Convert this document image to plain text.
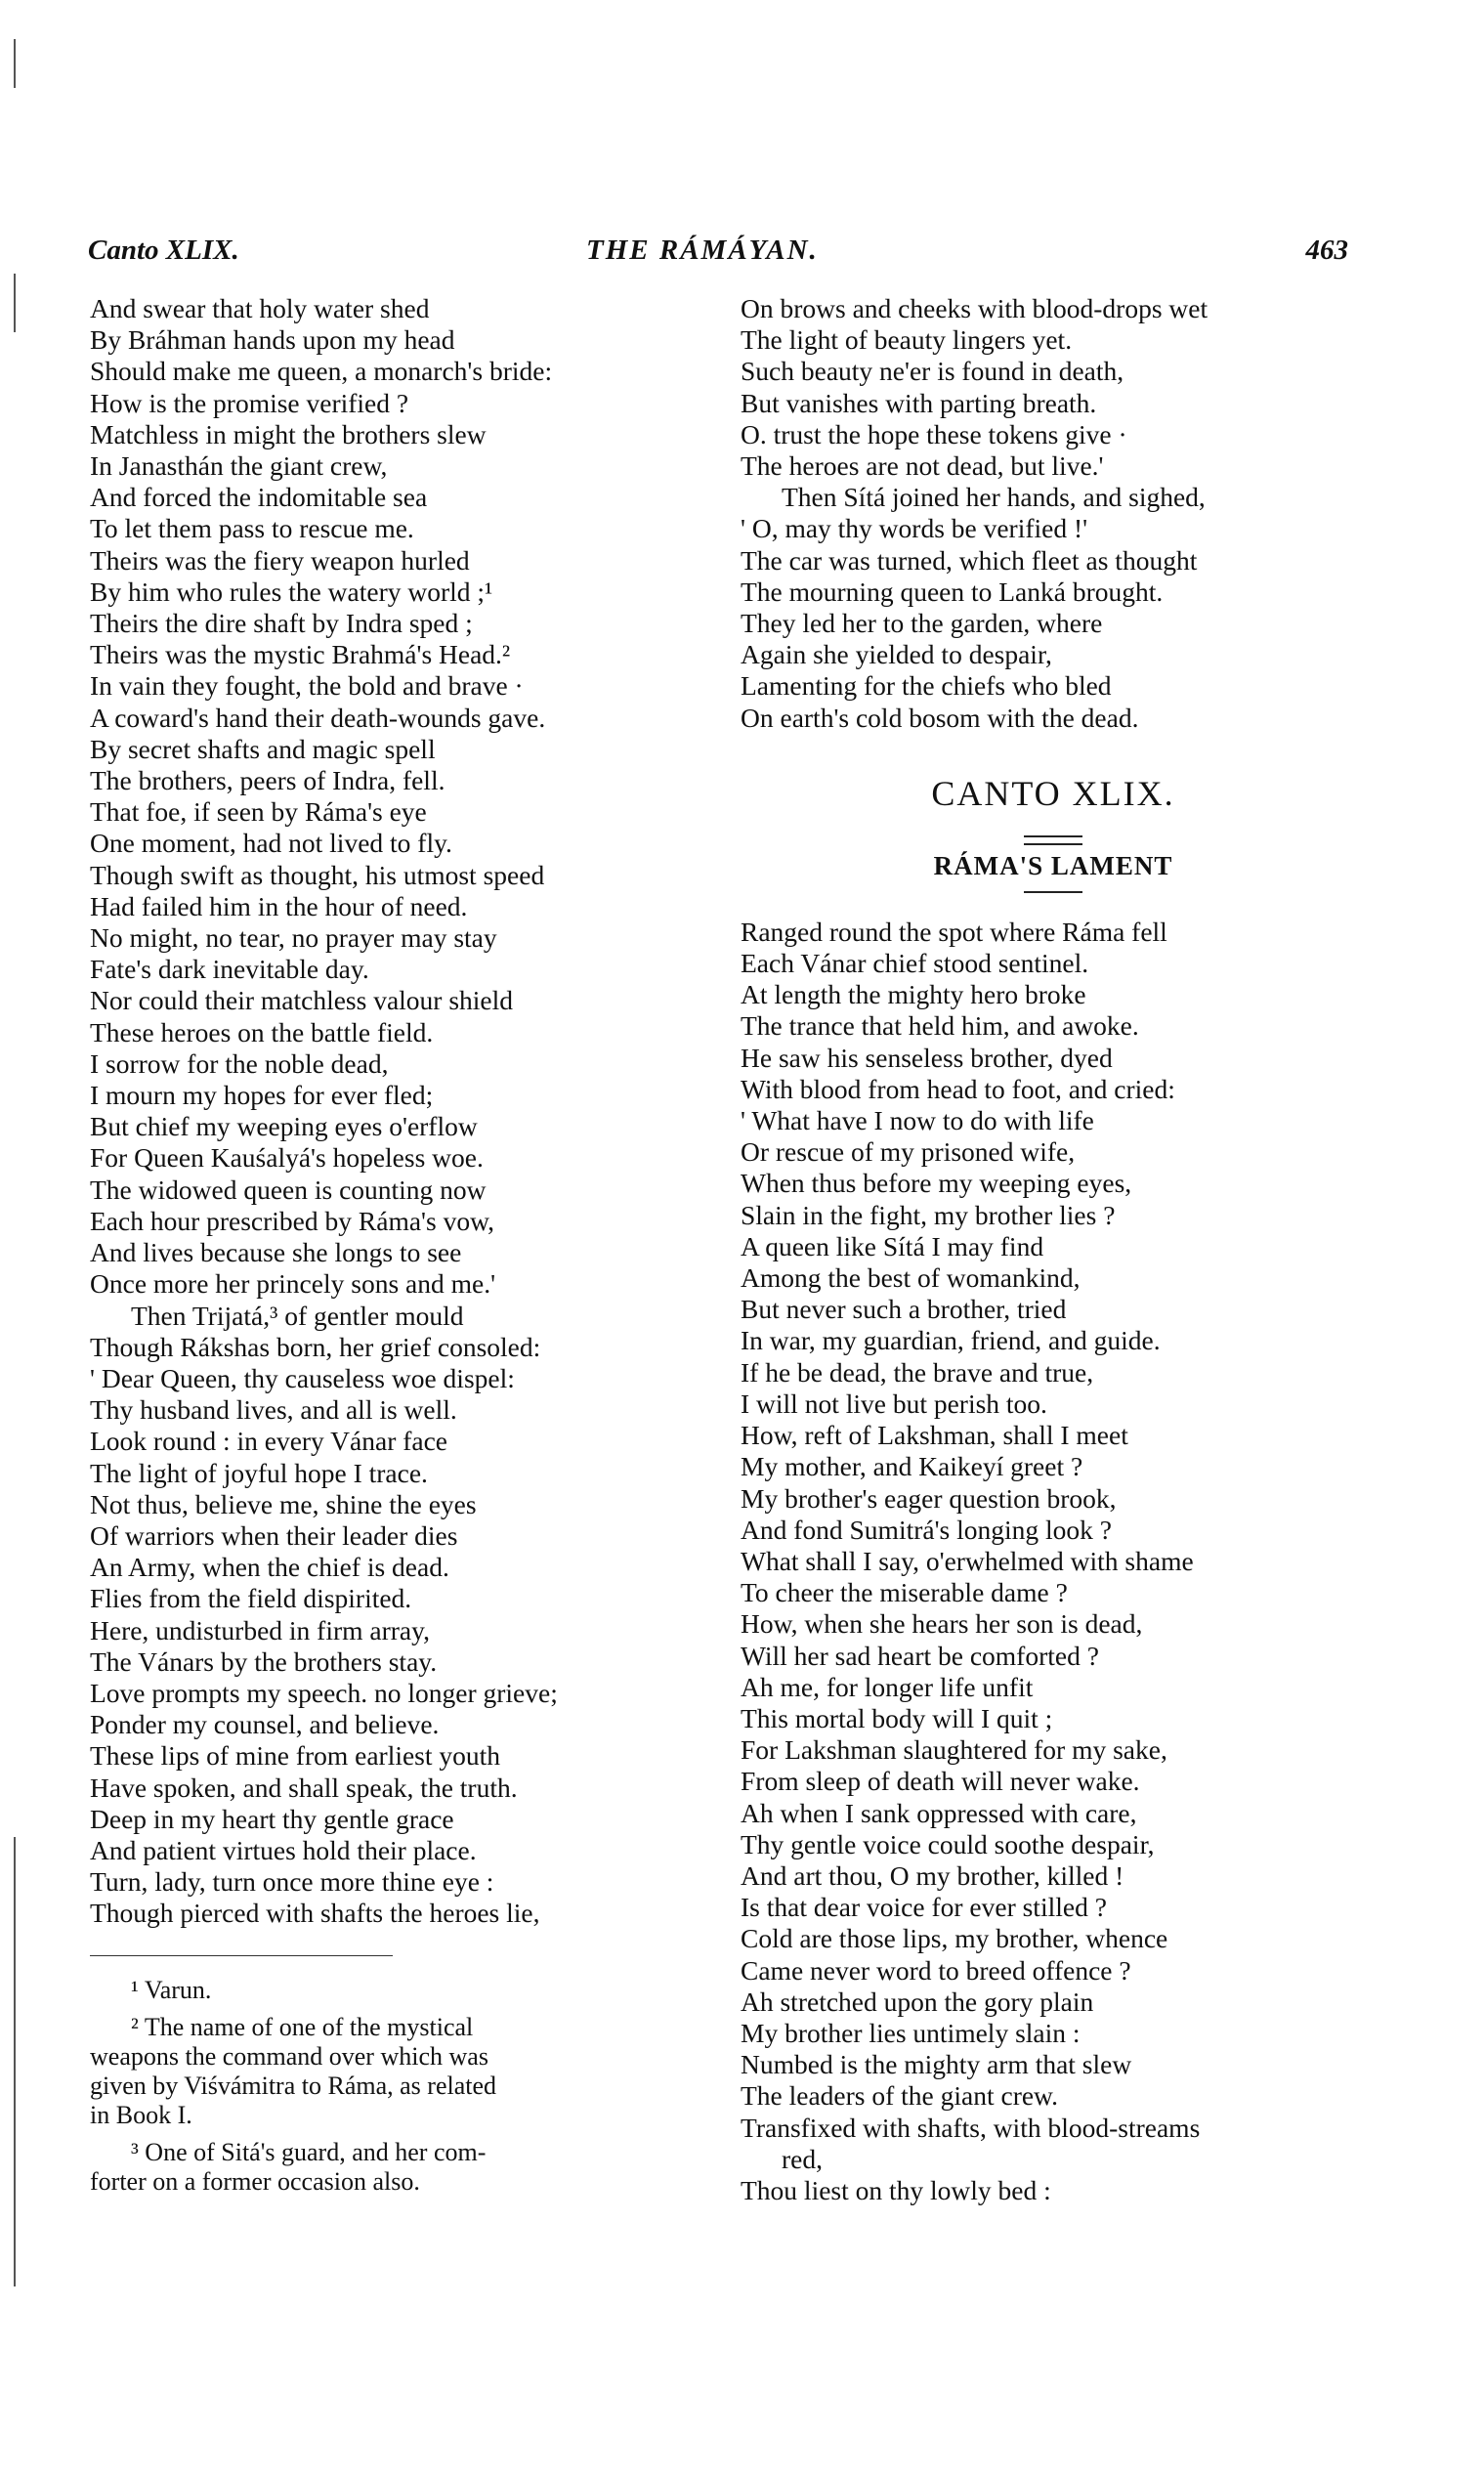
Canto XLIX.	THE RÁMÁYAN.	463
And swear that holy water shed
By Bráhman hands upon my head
Should make me queen, a monarch's bride:
How is the promise verified ?
Matchless in might the brothers slew
In Janasthán the giant crew,
And forced the indomitable sea
To let them pass to rescue me.
Theirs was the fiery weapon hurled
By him who rules the watery world ;¹
Theirs the dire shaft by Indra sped ;
Theirs was the mystic Brahmá's Head.²
In vain they fought, the bold and brave ·
A coward's hand their death-wounds gave.
By secret shafts and magic spell
The brothers, peers of Indra, fell.
That foe, if seen by Ráma's eye
One moment, had not lived to fly.
Though swift as thought, his utmost speed
Had failed him in the hour of need.
No might, no tear, no prayer may stay
Fate's dark inevitable day.
Nor could their matchless valour shield
These heroes on the battle field.
I sorrow for the noble dead,
I mourn my hopes for ever fled;
But chief my weeping eyes o'erflow
For Queen Kauśalyá's hopeless woe.
The widowed queen is counting now
Each hour prescribed by Ráma's vow,
And lives because she longs to see
Once more her princely sons and me.'
Then Trijatá,³ of gentler mould
Though Rákshas born, her grief consoled:
' Dear Queen, thy causeless woe dispel:
Thy husband lives, and all is well.
Look round : in every Vánar face
The light of joyful hope I trace.
Not thus, believe me, shine the eyes
Of warriors when their leader dies
An Army, when the chief is dead.
Flies from the field dispirited.
Here, undisturbed in firm array,
The Vánars by the brothers stay.
Love prompts my speech. no longer grieve;
Ponder my counsel, and believe.
These lips of mine from earliest youth
Have spoken, and shall speak, the truth.
Deep in my heart thy gentle grace
And patient virtues hold their place.
Turn, lady, turn once more thine eye :
Though pierced with shafts the heroes lie,
¹ Varun.
² The name of one of the mystical
weapons the command over which was
given by Viśvámitra to Ráma, as related
in Book I.
³ One of Sitá's guard, and her com-
forter on a former occasion also.
On brows and cheeks with blood-drops wet
The light of beauty lingers yet.
Such beauty ne'er is found in death,
But vanishes with parting breath.
O. trust the hope these tokens give ·
The heroes are not dead, but live.'
Then Sítá joined her hands, and sighed,
' O, may thy words be verified !'
The car was turned, which fleet as thought
The mourning queen to Lanká brought.
They led her to the garden, where
Again she yielded to despair,
Lamenting for the chiefs who bled
On earth's cold bosom with the dead.
CANTO XLIX.
RÁMA'S LAMENT
Ranged round the spot where Ráma fell
Each Vánar chief stood sentinel.
At length the mighty hero broke
The trance that held him, and awoke.
He saw his senseless brother, dyed
With blood from head to foot, and cried:
' What have I now to do with life
Or rescue of my prisoned wife,
When thus before my weeping eyes,
Slain in the fight, my brother lies ?
A queen like Sítá I may find
Among the best of womankind,
But never such a brother, tried
In war, my guardian, friend, and guide.
If he be dead, the brave and true,
I will not live but perish too.
How, reft of Lakshman, shall I meet
My mother, and Kaikeyí greet ?
My brother's eager question brook,
And fond Sumitrá's longing look ?
What shall I say, o'erwhelmed with shame
To cheer the miserable dame ?
How, when she hears her son is dead,
Will her sad heart be comforted ?
Ah me, for longer life unfit
This mortal body will I quit ;
For Lakshman slaughtered for my sake,
From sleep of death will never wake.
Ah when I sank oppressed with care,
Thy gentle voice could soothe despair,
And art thou, O my brother, killed !
Is that dear voice for ever stilled ?
Cold are those lips, my brother, whence
Came never word to breed offence ?
Ah stretched upon the gory plain
My brother lies untimely slain :
Numbed is the mighty arm that slew
The leaders of the giant crew.
Transfixed with shafts, with blood-streams
red,
Thou liest on thy lowly bed :
